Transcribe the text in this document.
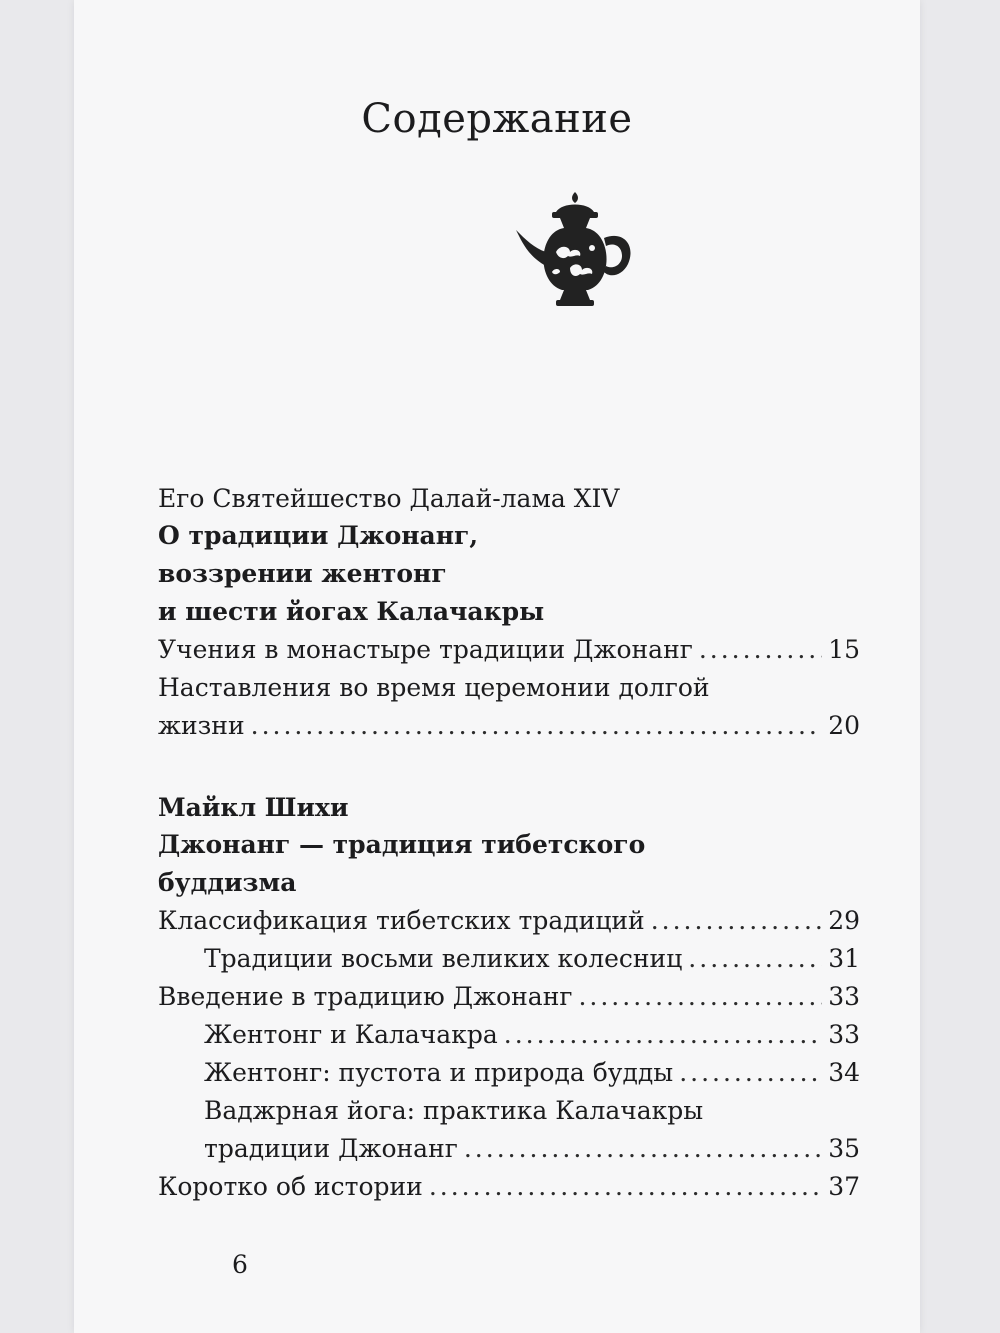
Содержание
6
Его Святейшество Далай-лама XIV
О традиции Джонанг,
воззрении жентонг
и шести йогах Калачакры
Учения в монастыре традиции Джонанг .....	15
Наставления во время церемонии долгой
жизни .....	20
Майкл Шихи
Джонанг — традиция тибетского
буддизма
Классификация тибетских традиций .....	29
Традиции восьми великих колесниц .....	31
Введение в традицию Джонанг .....	33
Жентонг и Калачакра .....	33
Жентонг: пустота и природа будды .....	34
Ваджрная йога: практика Калачакры
традиции Джонанг .....	35
Коротко об истории .....	37
